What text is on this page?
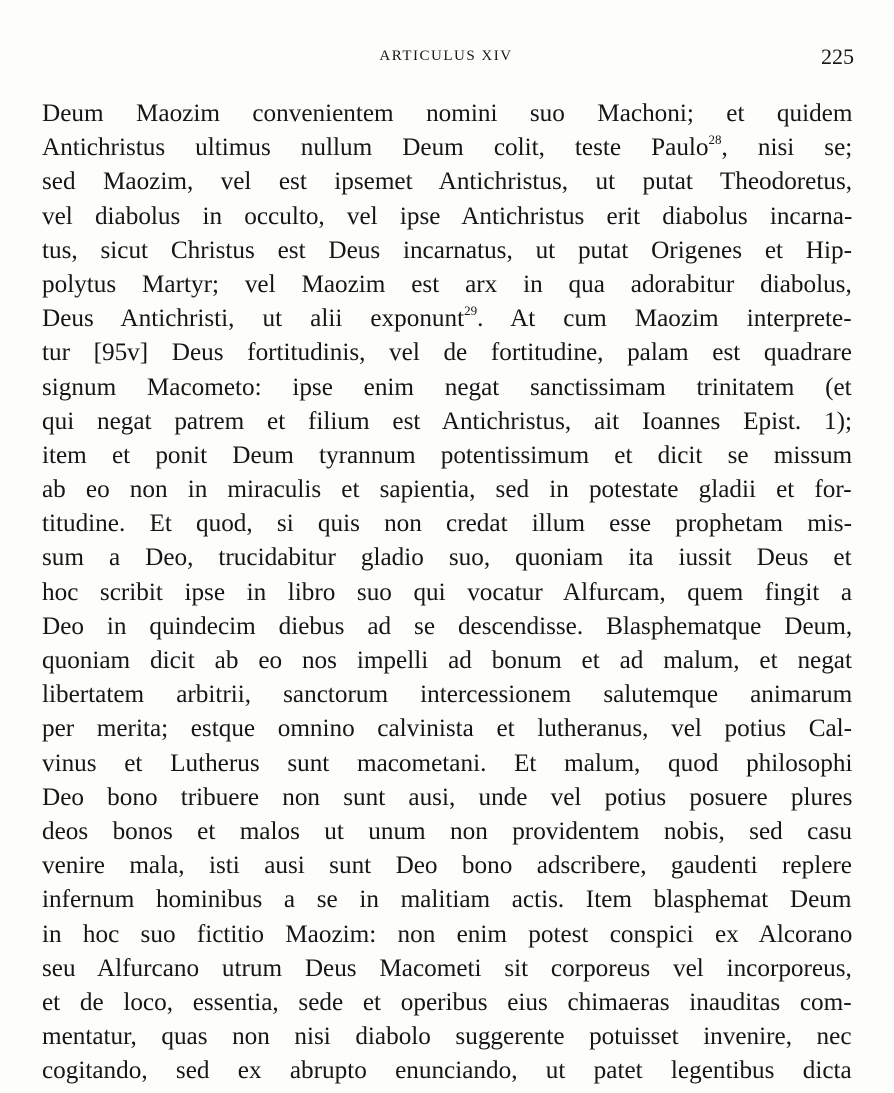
ARTICULUS XIV	225
Deum Maozim convenientem nomini suo Machoni; et quidem
Antichristus ultimus nullum Deum colit, teste Paulo$^{28}$, nisi se;
sed Maozim, vel est ipsemet Antichristus, ut putat Theodoretus,
vel diabolus in occulto, vel ipse Antichristus erit diabolus incarna-
tus, sicut Christus est Deus incarnatus, ut putat Origenes et Hip-
polytus Martyr; vel Maozim est arx in qua adorabitur diabolus,
Deus Antichristi, ut alii exponunt$^{29}$. At cum Maozim interprete-
tur [95v] Deus fortitudinis, vel de fortitudine, palam est quadrare
signum Macometo: ipse enim negat sanctissimam trinitatem (et
qui negat patrem et filium est Antichristus, ait Ioannes Epist. 1);
item et ponit Deum tyrannum potentissimum et dicit se missum
ab eo non in miraculis et sapientia, sed in potestate gladii et for-
titudine. Et quod, si quis non credat illum esse prophetam mis-
sum a Deo, trucidabitur gladio suo, quoniam ita iussit Deus et
hoc scribit ipse in libro suo qui vocatur Alfurcam, quem fingit a
Deo in quindecim diebus ad se descendisse. Blasphematque Deum,
quoniam dicit ab eo nos impelli ad bonum et ad malum, et negat
libertatem arbitrii, sanctorum intercessionem salutemque animarum
per merita; estque omnino calvinista et lutheranus, vel potius Cal-
vinus et Lutherus sunt macometani. Et malum, quod philosophi
Deo bono tribuere non sunt ausi, unde vel potius posuere plures
deos bonos et malos ut unum non providentem nobis, sed casu
venire mala, isti ausi sunt Deo bono adscribere, gaudenti replere
infernum hominibus a se in malitiam actis. Item blasphemat Deum
in hoc suo fictitio Maozim: non enim potest conspici ex Alcorano
seu Alfurcano utrum Deus Macometi sit corporeus vel incorporeus,
et de loco, essentia, sede et operibus eius chimaeras inauditas com-
mentatur, quas non nisi diabolo suggerente potuisset invenire, nec
cogitando, sed ex abrupto enunciando, ut patet legentibus dicta
